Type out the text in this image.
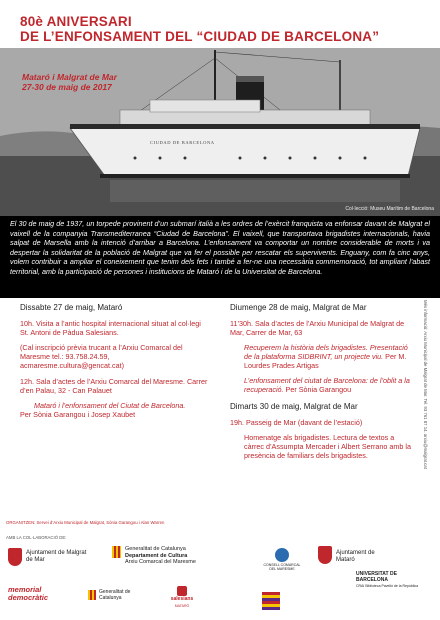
80è ANIVERSARI
DE L’ENFONSAMENT DEL “CIUDAD DE BARCELONA”
CIUDAD DE BARCELONA
Mataró i Malgrat de Mar
27-30 de maig de 2017
Col·lecció: Museu Marítim de Barcelona
El 30 de maig de 1937, un torpede provinent d’un submarí italià a les ordres de l’exèrcit franquista va enfonsar davant de Malgrat el vaixell de la companyia Transmediterranea “Ciudad de Barcelona”. El vaixell, que transportava brigadistes internacionals, havia salpat de Marsella amb la intenció d’arribar a Barcelona. L’enfonsament va comportar un nombre considerable de morts i va despertar la solidaritat de la població de Malgrat que va fer el possible per rescatar els supervivents. Enguany, com fa cinc anys, volem contribuir a ampliar el coneixement que tenim dels fets i també a fer-ne una necessària commemoració, tot ampliant l’abast territorial, amb la participació de persones i institucions de Mataró i de la Universitat de Barcelona.
Dissabte 27 de maig, Mataró
10h. Visita a l’antic hospital internacional situat al col·legi St. Antoni de Pàdua Salesians.
(Cal inscripció prèvia trucant a l’Arxiu Comarcal del Maresme tel.: 93.758.24.59, acmaresme.cultura@gencat.cat)
12h. Sala d’actes de l’Arxiu Comarcal del Maresme. Carrer d’en Palau, 32 - Can Palauet
Mataró i l’enfonsament del Ciutat de Barcelona.
Per Sònia Garangou i Josep Xaubet
Diumenge 28 de maig, Malgrat de Mar
11’30h. Sala d’actes de l’Arxiu Municipal de Malgrat de Mar, Carrer de Mar, 63
Recuperem la història dels brigadistes. Presentació de la plataforma SIDBRINT, un projecte viu. Per M. Lourdes Prades Artigas
L’enfonsament del ciutat de Barcelona: de l’oblit a la recuperació. Per Sònia Garangou
Dimarts 30 de maig, Malgrat de Mar
19h. Passeig de Mar (davant de l’estació)
Homenatge als brigadistes. Lectura de textos a càrrec d’Assumpta Mercader i Albert Serrano amb la presència de familiars dels brigadistes.	Més informació: Arxiu Municipal de Malgrat de Mar. Tel. 93 761 87 14. arxiu@malgrat.cat
ORGANITZEN: Servei d’Arxiu Municipal de Malgrat, Sònia Garangou i Alan Warren
AMB LA COL·LABORACIÓ DE:
Ajuntament de Malgrat de Mar
Generalitat de Catalunya
Departament de Cultura
Arxiu Comarcal del Maresme	CONSELL COMARCAL DEL MARESME
Ajuntament de Mataró
memorial democràtic
Generalitat de Catalunya	salesians
MATARÓ
UNIVERSITAT DE BARCELONA
CRAI Biblioteca Pavelló de la República
